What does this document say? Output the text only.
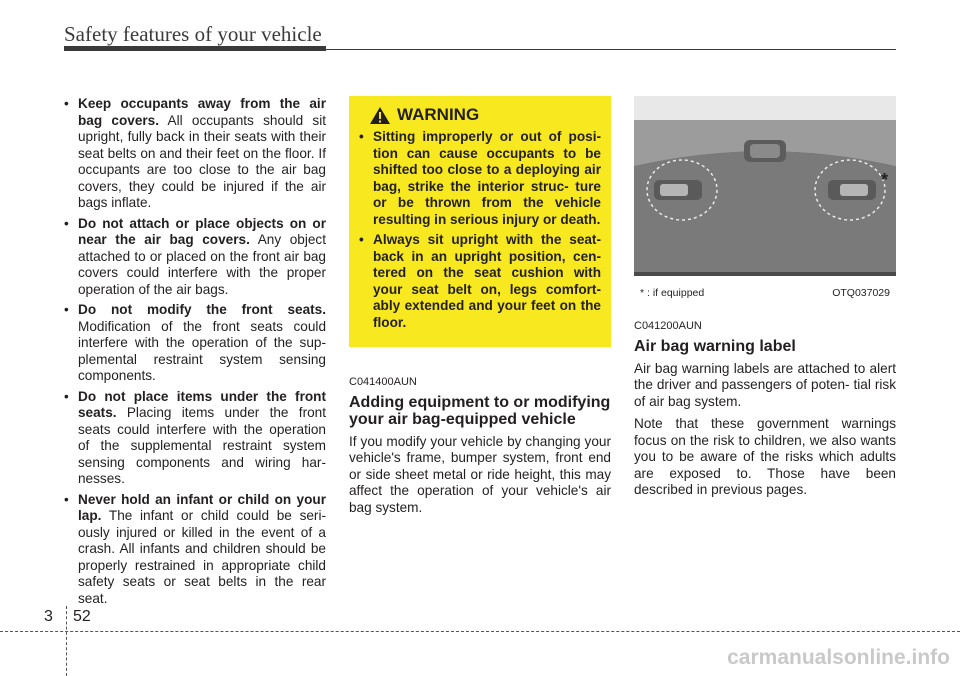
Safety features of your vehicle
• Keep occupants away from the air bag covers. All occupants should sit upright, fully back in their seats with their seat belts on and their feet on the floor. If occupants are too close to the air bag covers, they could be injured if the air bags inflate.
• Do not attach or place objects on or near the air bag covers. Any object attached to or placed on the front air bag covers could interfere with the proper operation of the air bags.
• Do not modify the front seats. Modification of the front seats could interfere with the operation of the sup- plemental restraint system sensing components.
• Do not place items under the front seats. Placing items under the front seats could interfere with the operation of the supplemental restraint system sensing components and wiring har- nesses.
• Never hold an infant or child on your lap. The infant or child could be seri- ously injured or killed in the event of a crash. All infants and children should be properly restrained in appropriate child safety seats or seat belts in the rear seat.
WARNING
• Sitting improperly or out of posi- tion can cause occupants to be shifted too close to a deploying air bag, strike the interior struc- ture or be thrown from the vehicle resulting in serious injury or death.
• Always sit upright with the seat- back in an upright position, cen- tered on the seat cushion with your seat belt on, legs comfort- ably extended and your feet on the floor.
C041400AUN
Adding equipment to or modifying your air bag-equipped vehicle
If you modify your vehicle by changing your vehicle's frame, bumper system, front end or side sheet metal or ride height, this may affect the operation of your vehicle's air bag system.
*
* : if equipped	OTQ037029
C041200AUN
Air bag warning label
Air bag warning labels are attached to alert the driver and passengers of poten- tial risk of air bag system.
Note that these government warnings focus on the risk to children, we also wants you to be aware of the risks which adults are exposed to. Those have been described in previous pages.
3 52
carmanualsonline.info
